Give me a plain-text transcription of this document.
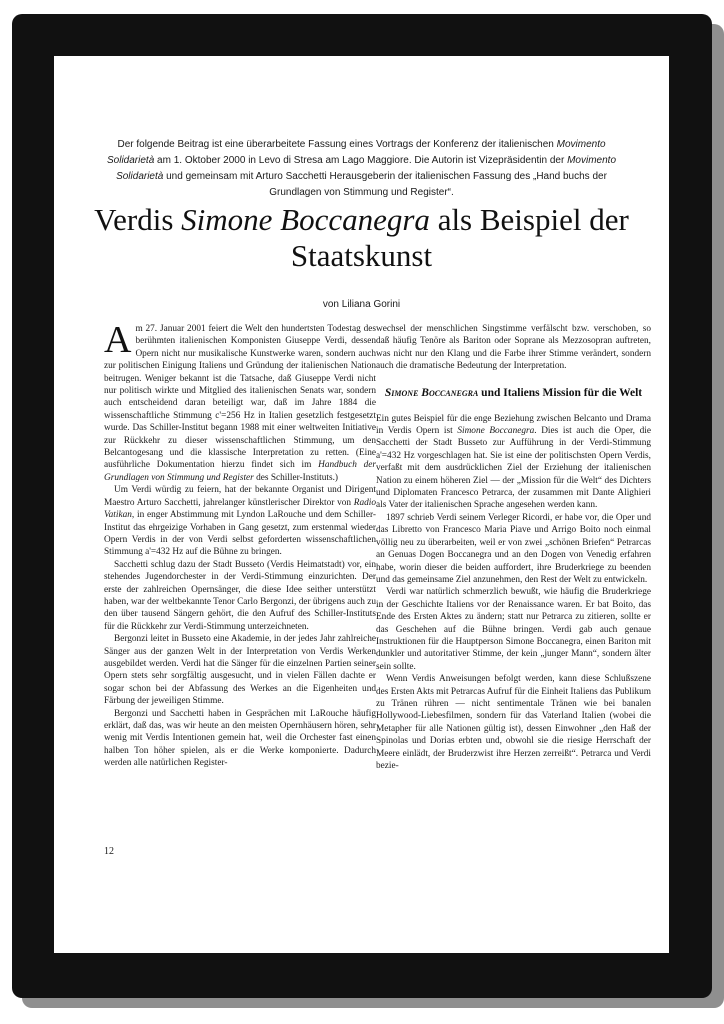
Der folgende Beitrag ist eine überarbeitete Fassung eines Vortrags der Konferenz der italienischen Movimento Solidarietà am 1. Oktober 2000 in Levo di Stresa am Lago Maggiore. Die Autorin ist Vizepräsidentin der Movimento Solidarietà und gemeinsam mit Arturo Sacchetti Herausgeberin der italienischen Fassung des „Hand buchs der Grundlagen von Stimmung und Register“.
Verdis Simone Boccanegra als Beispiel der Staatskunst
von Liliana Gorini

Am 27. Januar 2001 feiert die Welt den hundertsten Todestag des berühmten italienischen Komponisten Giuseppe Verdi, dessen Opern nicht nur musikalische Kunstwerke waren, sondern auch zur politischen Einigung Italiens und Gründung der italienischen Nation beitrugen. Weniger bekannt ist die Tatsache, daß Giuseppe Verdi nicht nur politisch wirkte und Mitglied des italienischen Senats war, sondern auch entscheidend daran beteiligt war, daß im Jahre 1884 die wissenschaftliche Stimmung c'=256 Hz in Italien gesetzlich festgesetzt wurde. Das Schiller-Institut begann 1988 mit einer weltweiten Initiative zur Rückkehr zu dieser wissenschaftlichen Stimmung, um den Belcantogesang und die klassische Interpretation zu retten. (Eine ausführliche Dokumentation hierzu findet sich im Handbuch der Grundlagen von Stimmung und Register des Schiller-Instituts.)

Um Verdi würdig zu feiern, hat der bekannte Organist und Dirigent Maestro Arturo Sacchetti, jahrelanger künstlerischer Direktor von Radio Vatikan, in enger Abstimmung mit Lyndon LaRouche und dem Schiller-Institut das ehrgeizige Vorhaben in Gang gesetzt, zum erstenmal wieder Opern Verdis in der von Verdi selbst geforderten wissenschaftlichen Stimmung a'=432 Hz auf die Bühne zu bringen.

Sacchetti schlug dazu der Stadt Busseto (Verdis Heimatstadt) vor, ein stehendes Jugendorchester in der Verdi-Stimmung einzurichten. Der erste der zahlreichen Opernsänger, die diese Idee seither unterstützt haben, war der weltbekannte Tenor Carlo Bergonzi, der übrigens auch zu den über tausend Sängern gehört, die den Aufruf des Schiller-Instituts für die Rückkehr zur Verdi-Stimmung unterzeichneten.

Bergonzi leitet in Busseto eine Akademie, in der jedes Jahr zahlreiche Sänger aus der ganzen Welt in der Interpretation von Verdis Werken ausgebildet werden. Verdi hat die Sänger für die einzelnen Partien seiner Opern stets sehr sorgfältig ausgesucht, und in vielen Fällen dachte er sogar schon bei der Abfassung des Werkes an die Eigenheiten und Färbung der jeweiligen Stimme.

Bergonzi und Sacchetti haben in Gesprächen mit LaRouche häufig erklärt, daß das, was wir heute an den meisten Opernhäusern hören, sehr wenig mit Verdis Intentionen gemein hat, weil die Orchester fast einen halben Ton höher spielen, als er die Werke komponierte. Dadurch werden alle natürlichen Register-

wechsel der menschlichen Singstimme verfälscht bzw. verschoben, so daß häufig Tenöre als Bariton oder Soprane als Mezzosopran auftreten, was nicht nur den Klang und die Farbe ihrer Stimme verändert, sondern auch die dramatische Bedeutung der Interpretation.

Simone Boccanegra und Italiens Mission für die Welt

Ein gutes Beispiel für die enge Beziehung zwischen Belcanto und Drama in Verdis Opern ist Simone Boccanegra. Dies ist auch die Oper, die Sacchetti der Stadt Busseto zur Aufführung in der Verdi-Stimmung a'=432 Hz vorgeschlagen hat. Sie ist eine der politischsten Opern Verdis, verfaßt mit dem ausdrücklichen Ziel der Erziehung der italienischen Nation zu einem höheren Ziel — der „Mission für die Welt“ des Dichters und Diplomaten Francesco Petrarca, der zusammen mit Dante Alighieri als Vater der italienischen Sprache angesehen werden kann.

1897 schrieb Verdi seinem Verleger Ricordi, er habe vor, die Oper und das Libretto von Francesco Maria Piave und Arrigo Boito noch einmal völlig neu zu überarbeiten, weil er von zwei „schönen Briefen“ Petrarcas an Genuas Dogen Boccanegra und an den Dogen von Venedig erfahren habe, worin dieser die beiden auffordert, ihre Bruderkriege zu beenden und das gemeinsame Ziel anzunehmen, den Rest der Welt zu entwickeln.

Verdi war natürlich schmerzlich bewußt, wie häufig die Bruderkriege in der Geschichte Italiens vor der Renaissance waren. Er bat Boito, das Ende des Ersten Aktes zu ändern; statt nur Petrarca zu zitieren, sollte er das Geschehen auf die Bühne bringen. Verdi gab auch genaue Instruktionen für die Hauptperson Simone Boccanegra, einen Bariton mit dunkler und autoritativer Stimme, der kein „junger Mann“, sondern älter sein sollte.

Wenn Verdis Anweisungen befolgt werden, kann diese Schlußszene des Ersten Akts mit Petrarcas Aufruf für die Einheit Italiens das Publikum zu Tränen rühren — nicht sentimentale Tränen wie bei banalen Hollywood-Liebesfilmen, sondern für das Vaterland Italien (wobei die Metapher für alle Nationen gültig ist), dessen Einwohner „den Haß der Spinolas und Dorias erbten und, obwohl sie die riesige Herrschaft der Meere einlädt, der Bruderzwist ihre Herzen zerreißt“. Petrarca und Verdi bezie-

12
